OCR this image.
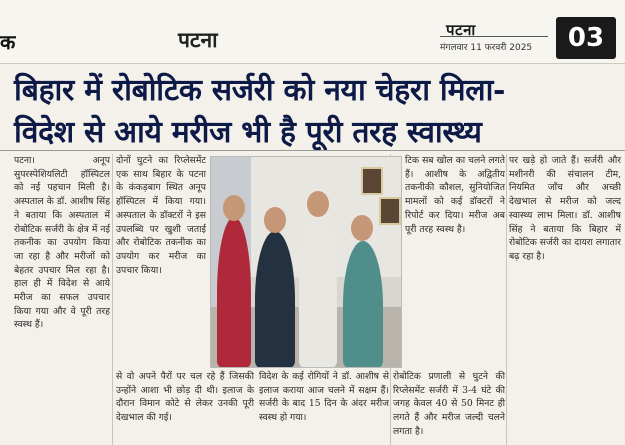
क	पटना	पटना
मंगलवार 11 फरवरी 2025	03
बिहार में रोबोटिक सर्जरी को नया चेहरा मिला-
विदेश से आये मरीज भी है पूरी तरह स्वास्थ्य
पटना। अनूप सुपरस्पेशियलिटी हॉस्पिटल को नई पहचान मिली है। अस्पताल के डॉ. आशीष सिंह ने बताया कि अस्पताल में रोबोटिक सर्जरी के क्षेत्र में नई तकनीक का उपयोग किया जा रहा है और मरीजों को बेहतर उपचार मिल रहा है। हाल ही में विदेश से आये मरीज का सफल उपचार किया गया और वे पूरी तरह स्वस्थ हैं।
दोनों घुटने का रिप्लेसमेंट एक साथ बिहार के पटना के कंकड़बाग स्थित अनूप हॉस्पिटल में किया गया। अस्पताल के डॉक्टरों ने इस उपलब्धि पर खुशी जताई और रोबोटिक तकनीक का उपयोग कर मरीज का उपचार किया।
टिक सब खोल का चलने लगते हैं। आशीष के अद्वितीय तकनीकी कौशल, सुनियोजित मामलों को कई डॉक्टरों ने रिपोर्ट कर दिया। मरीज अब पूरी तरह स्वस्थ है।
पर खड़े हो जाते हैं। सर्जरी और मशीनरी की संचालन टीम, नियमित जाँच और अच्छी देखभाल से मरीज को जल्द स्वास्थ्य लाभ मिला। डॉ. आशीष सिंह ने बताया कि बिहार में रोबोटिक सर्जरी का दायरा लगातार बढ़ रहा है।
से वो अपने पैरों पर चल रहे हैं जिसकी उन्होंने आशा भी छोड़ दी थी। इलाज के दौरान विमान कोटे से लेकर उनकी पूरी देखभाल की गई।
विदेश के कई रोगियों ने डॉ. आशीष से इलाज कराया आज चलने में सक्षम हैं। सर्जरी के बाद 15 दिन के अंदर मरीज स्वस्थ हो गया।
रोबोटिक प्रणाली से घुटने की रिप्लेसमेंट सर्जरी में 3-4 घंटे की जगह केवल 40 से 50 मिनट ही लगते हैं और मरीज जल्दी चलने लगता है।
